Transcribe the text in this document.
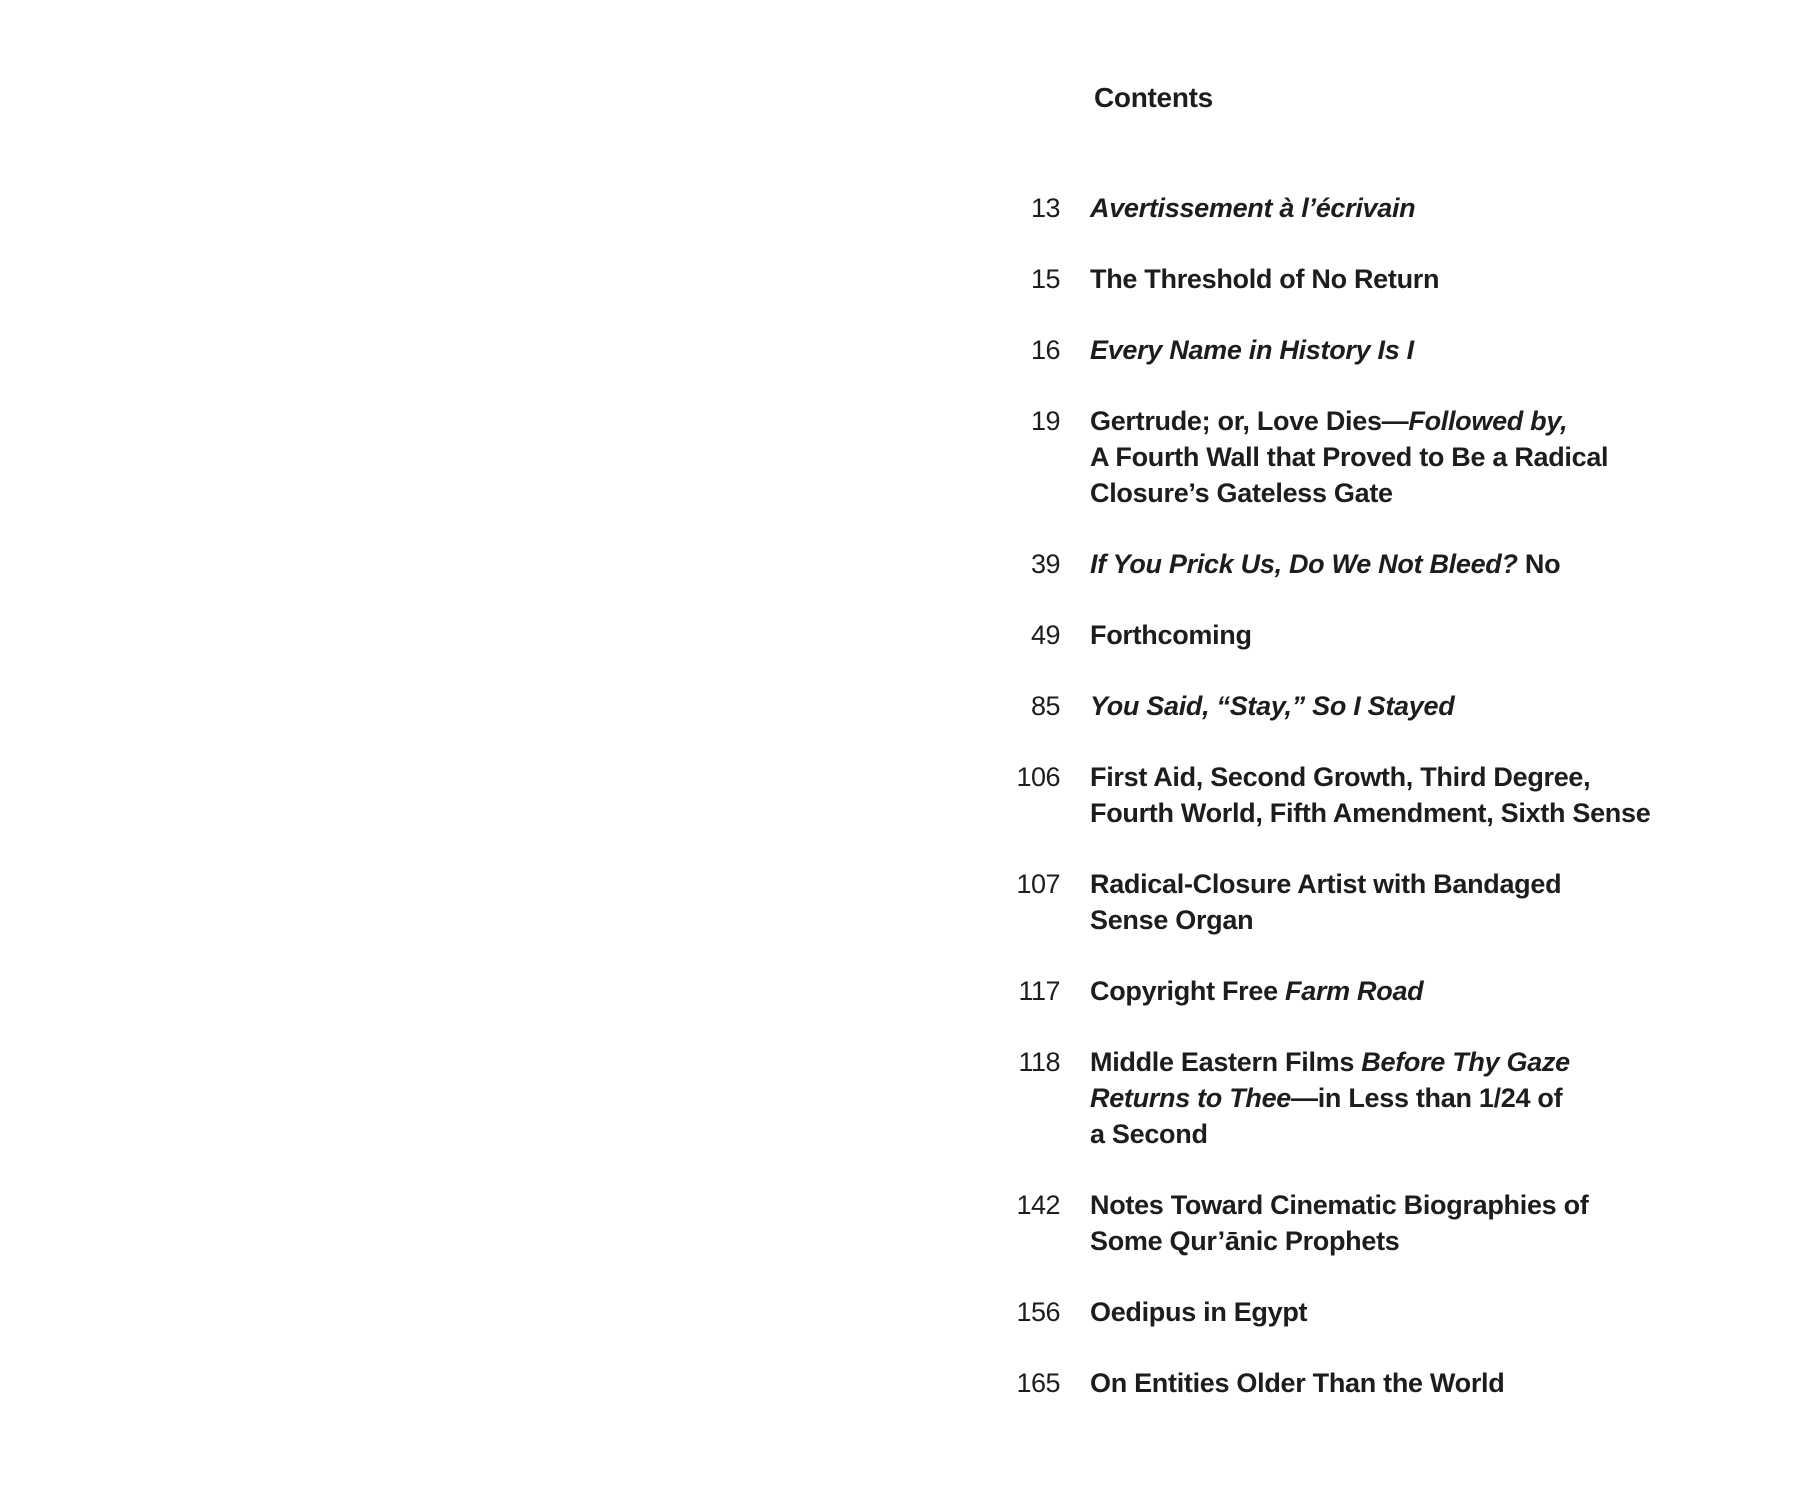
Contents
13 Avertissement à l’écrivain
15 The Threshold of No Return
16 Every Name in History Is I
19 Gertrude; or, Love Dies—Followed by,
A Fourth Wall that Proved to Be a Radical
Closure’s Gateless Gate
39 If You Prick Us, Do We Not Bleed? No
49 Forthcoming
85 You Said, “Stay,” So I Stayed
106 First Aid, Second Growth, Third Degree,
Fourth World, Fifth Amendment, Sixth Sense
107 Radical-Closure Artist with Bandaged
Sense Organ
117 Copyright Free Farm Road
118 Middle Eastern Films Before Thy Gaze
Returns to Thee—in Less than 1/24 of
a Second
142 Notes Toward Cinematic Biographies of
Some Qur’ānic Prophets
156 Oedipus in Egypt
165 On Entities Older Than the World
